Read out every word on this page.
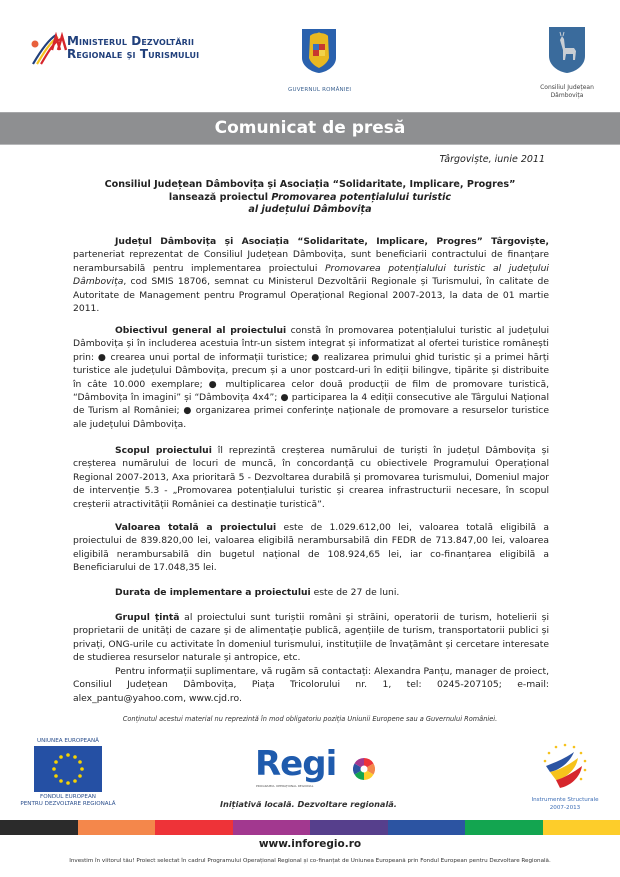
Ministerul Dezvoltării
Regionale și Turismului
GUVERNUL ROMÂNIEI	Consiliul Județean
Dâmbovița
Comunicat de presă
Târgoviște, iunie 2011
Consiliul Județean Dâmbovița și Asociația “Solidaritate, Implicare, Progres”
lansează proiectul Promovarea potențialului turistic
al județului Dâmbovița

Județul Dâmbovița și Asociația “Solidaritate, Implicare, Progres” Târgoviște, parteneriat reprezentat de Consiliul Județean Dâmbovița, sunt beneficiarii contractului de finanțare nerambursabilă pentru implementarea proiectului Promovarea potențialului turistic al județului Dâmbovița, cod SMIS 18706, semnat cu Ministerul Dezvoltării Regionale și Turismului, în calitate de Autoritate de Management pentru Programul Operațional Regional 2007-2013, la data de 01 martie 2011.

Obiectivul general al proiectului constă în promovarea potențialului turistic al județului Dâmbovița și în includerea acestuia într-un sistem integrat și informatizat al ofertei turistice românești prin: ● crearea unui portal de informații turistice; ● realizarea primului ghid turistic și a primei hărți turistice ale județului Dâmbovița, precum și a unor postcard-uri în ediții bilingve, tipărite și distribuite în câte 10.000 exemplare; ● multiplicarea celor două producții de film de promovare turistică, “Dâmbovița în imagini” și “Dâmbovița 4x4”; ● participarea la 4 ediții consecutive ale Târgului Național de Turism al României; ● organizarea primei conferințe naționale de promovare a resurselor turistice ale județului Dâmbovița.

Scopul proiectului îl reprezintă creșterea numărului de turiști în județul Dâmbovița și creșterea numărului de locuri de muncă, în concordanță cu obiectivele Programului Operațional Regional 2007-2013, Axa prioritară 5 - Dezvoltarea durabilă și promovarea turismului, Domeniul major de intervenție 5.3 - „Promovarea potențialului turistic și crearea infrastructurii necesare, în scopul creșterii atractivității României ca destinație turistică”.

Valoarea totală a proiectului este de 1.029.612,00 lei, valoarea totală eligibilă a proiectului de 839.820,00 lei, valoarea eligibilă nerambursabilă din FEDR de 713.847,00 lei, valoarea eligibilă nerambursabilă din bugetul național de 108.924,65 lei, iar co-finanțarea eligibilă a Beneficiarului de 17.048,35 lei.

Durata de implementare a proiectului este de 27 de luni.

Grupul țintă al proiectului sunt turiștii români și străini, operatorii de turism, hotelierii și proprietarii de unități de cazare și de alimentație publică, agențiile de turism, transportatorii publici și privați, ONG-urile cu activitate în domeniul turismului, instituțiile de învațământ și cercetare interesate de studierea resurselor naturale și antropice, etc.

Pentru informații suplimentare, vă rugăm să contactați: Alexandra Panțu, manager de proiect, Consiliul Județean Dâmbovița, Piața Tricolorului nr. 1, tel: 0245-207105; e-mail: alex_pantu@yahoo.com, www.cjd.ro.

Conținutul acestui material nu reprezintă în mod obligatoriu poziția Uniunii Europene sau a Guvernului României.
UNIUNEA EUROPEANĂ
FONDUL EUROPEAN
PENTRU DEZVOLTARE REGIONALĂ
Regi
PROGRAMUL OPERAȚIONAL REGIONAL
Inițiativă locală. Dezvoltare regională.	Instrumente Structurale
2007-2013
www.inforegio.ro
Investim în viitorul tău! Proiect selectat în cadrul Programului Operațional Regional și co-finanțat de Uniunea Europeană prin Fondul European pentru Dezvoltare Regională.
